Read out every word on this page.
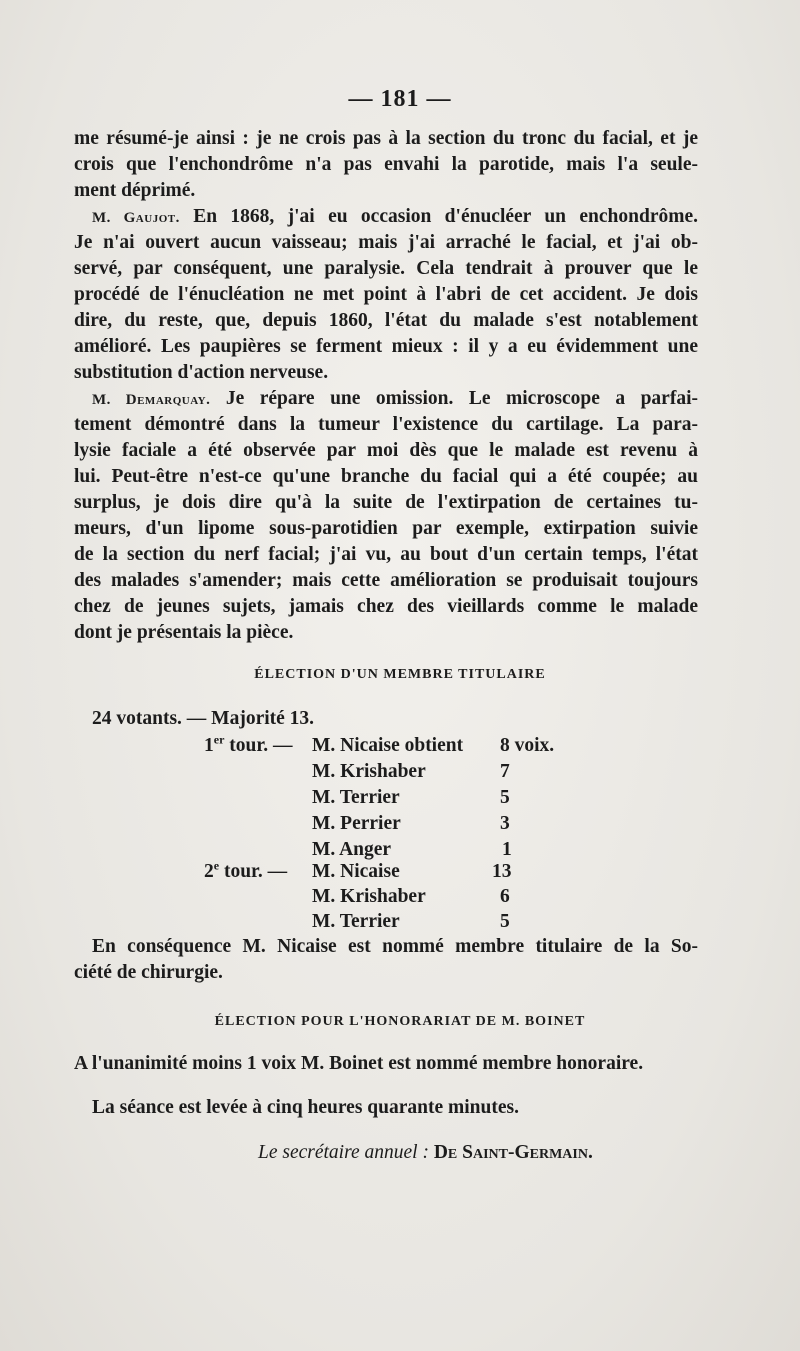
— 181 —
me résumé-je ainsi : je ne crois pas à la section du tronc du facial, et je
crois que l'enchondrôme n'a pas envahi la parotide, mais l'a seule-
ment déprimé.
M. Gaujot. En 1868, j'ai eu occasion d'énucléer un enchondrôme.
Je n'ai ouvert aucun vaisseau; mais j'ai arraché le facial, et j'ai ob-
servé, par conséquent, une paralysie. Cela tendrait à prouver que le
procédé de l'énucléation ne met point à l'abri de cet accident. Je dois
dire, du reste, que, depuis 1860, l'état du malade s'est notablement
amélioré. Les paupières se ferment mieux : il y a eu évidemment une
substitution d'action nerveuse.
M. Demarquay. Je répare une omission. Le microscope a parfai-
tement démontré dans la tumeur l'existence du cartilage. La para-
lysie faciale a été observée par moi dès que le malade est revenu à
lui. Peut-être n'est-ce qu'une branche du facial qui a été coupée; au
surplus, je dois dire qu'à la suite de l'extirpation de certaines tu-
meurs, d'un lipome sous-parotidien par exemple, extirpation suivie
de la section du nerf facial; j'ai vu, au bout d'un certain temps, l'état
des malades s'amender; mais cette amélioration se produisait toujours
chez de jeunes sujets, jamais chez des vieillards comme le malade
dont je présentais la pièce.
ÉLECTION D'UN MEMBRE TITULAIRE
24 votants. — Majorité 13.
1er tour. — M. Nicaise obtient 8 voix.
M. Krishaber	7
M. Terrier	5
M. Perrier	3
M. Anger	1
2e tour. — M. Nicaise	13
M. Krishaber	6
M. Terrier	5
En conséquence M. Nicaise est nommé membre titulaire de la So-
ciété de chirurgie.
ÉLECTION POUR L'HONORARIAT DE M. BOINET
A l'unanimité moins 1 voix M. Boinet est nommé membre honoraire.
La séance est levée à cinq heures quarante minutes.
Le secrétaire annuel : De Saint-Germain.
